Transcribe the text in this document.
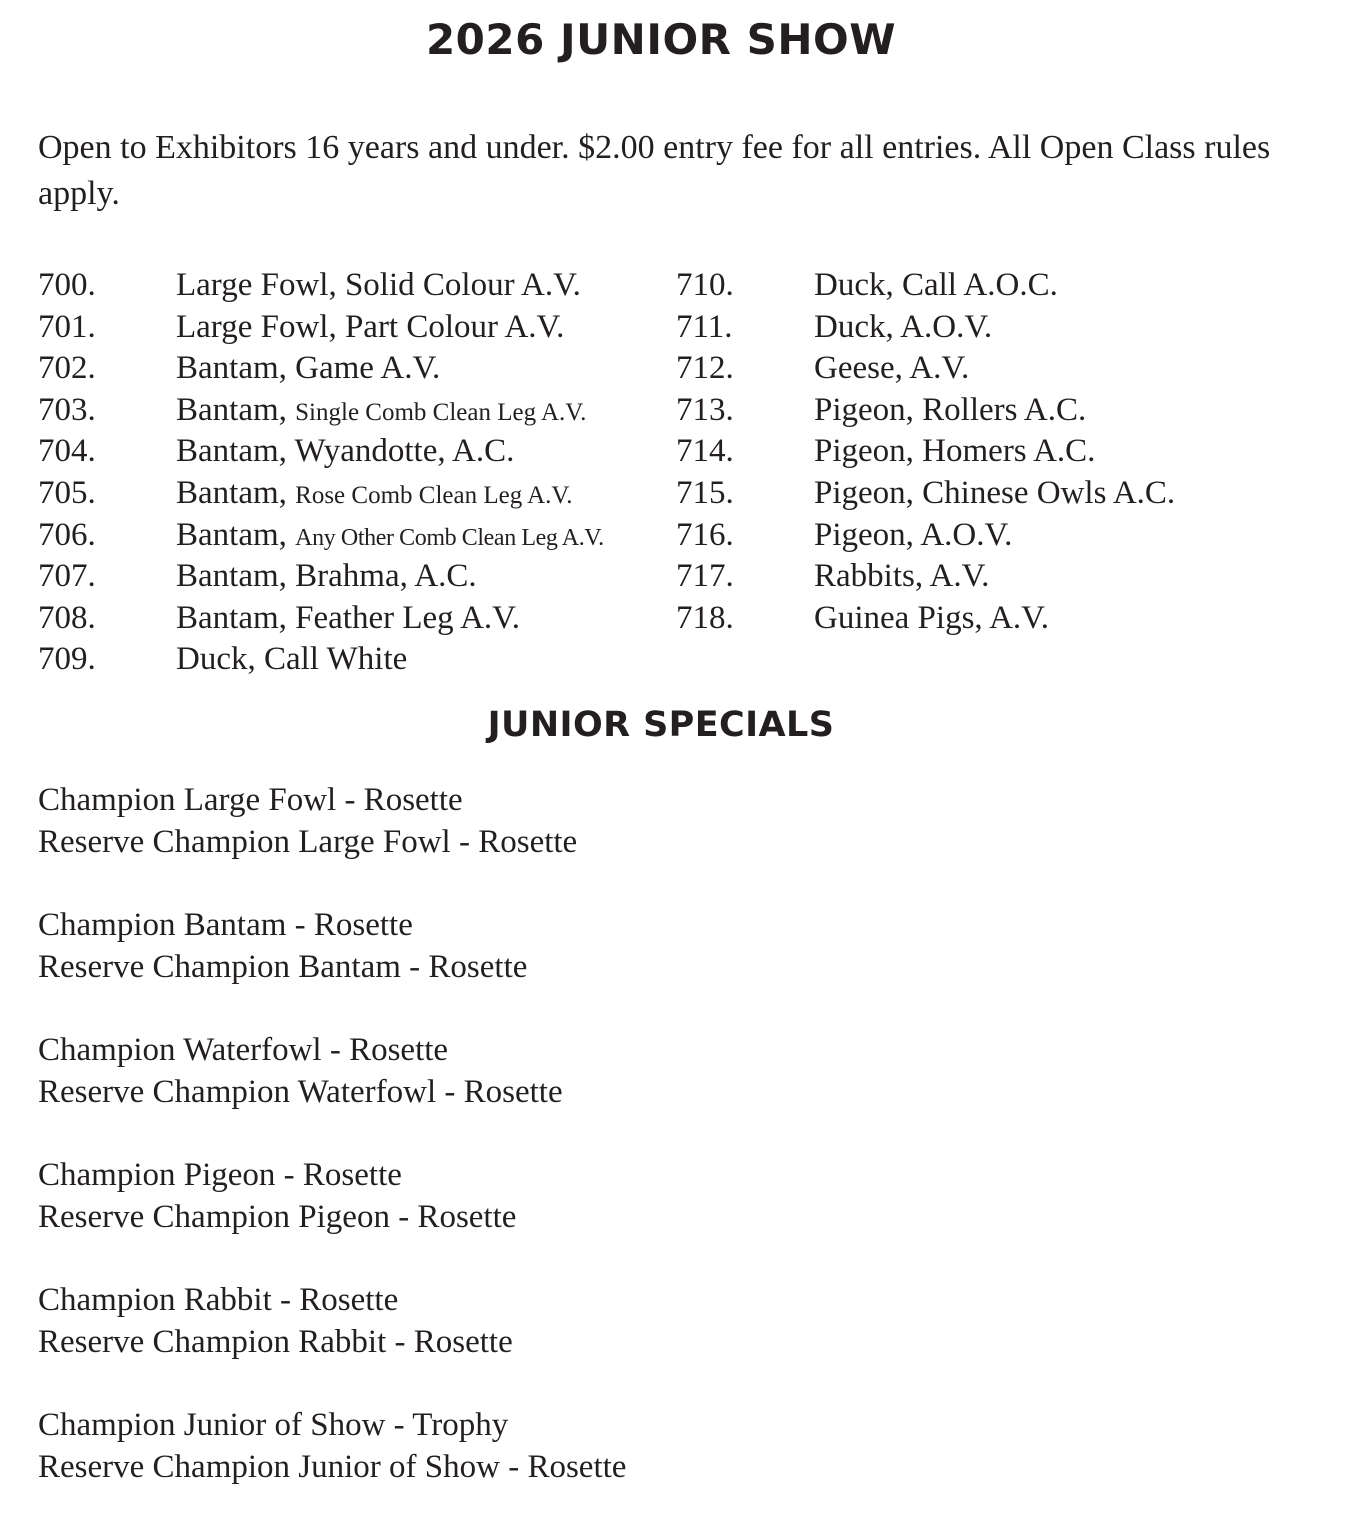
2026 JUNIOR SHOW

Open to Exhibitors 16 years and under. $2.00 entry fee for all entries. All Open Class rules apply.

700. Large Fowl, Solid Colour A.V.
701. Large Fowl, Part Colour A.V.
702. Bantam, Game A.V.
703. Bantam, Single Comb Clean Leg A.V.
704. Bantam, Wyandotte, A.C.
705. Bantam, Rose Comb Clean Leg A.V.
706. Bantam, Any Other Comb Clean Leg A.V.
707. Bantam, Brahma, A.C.
708. Bantam, Feather Leg A.V.
709. Duck, Call White
710. Duck, Call A.O.C.
711. Duck, A.O.V.
712. Geese, A.V.
713. Pigeon, Rollers A.C.
714. Pigeon, Homers A.C.
715. Pigeon, Chinese Owls A.C.
716. Pigeon, A.O.V.
717. Rabbits, A.V.
718. Guinea Pigs, A.V.
JUNIOR SPECIALS
Champion Large Fowl - Rosette
Reserve Champion Large Fowl - Rosette
Champion Bantam - Rosette
Reserve Champion Bantam - Rosette
Champion Waterfowl - Rosette
Reserve Champion Waterfowl - Rosette
Champion Pigeon - Rosette
Reserve Champion Pigeon - Rosette
Champion Rabbit - Rosette
Reserve Champion Rabbit - Rosette
Champion Junior of Show - Trophy
Reserve Champion Junior of Show - Rosette
